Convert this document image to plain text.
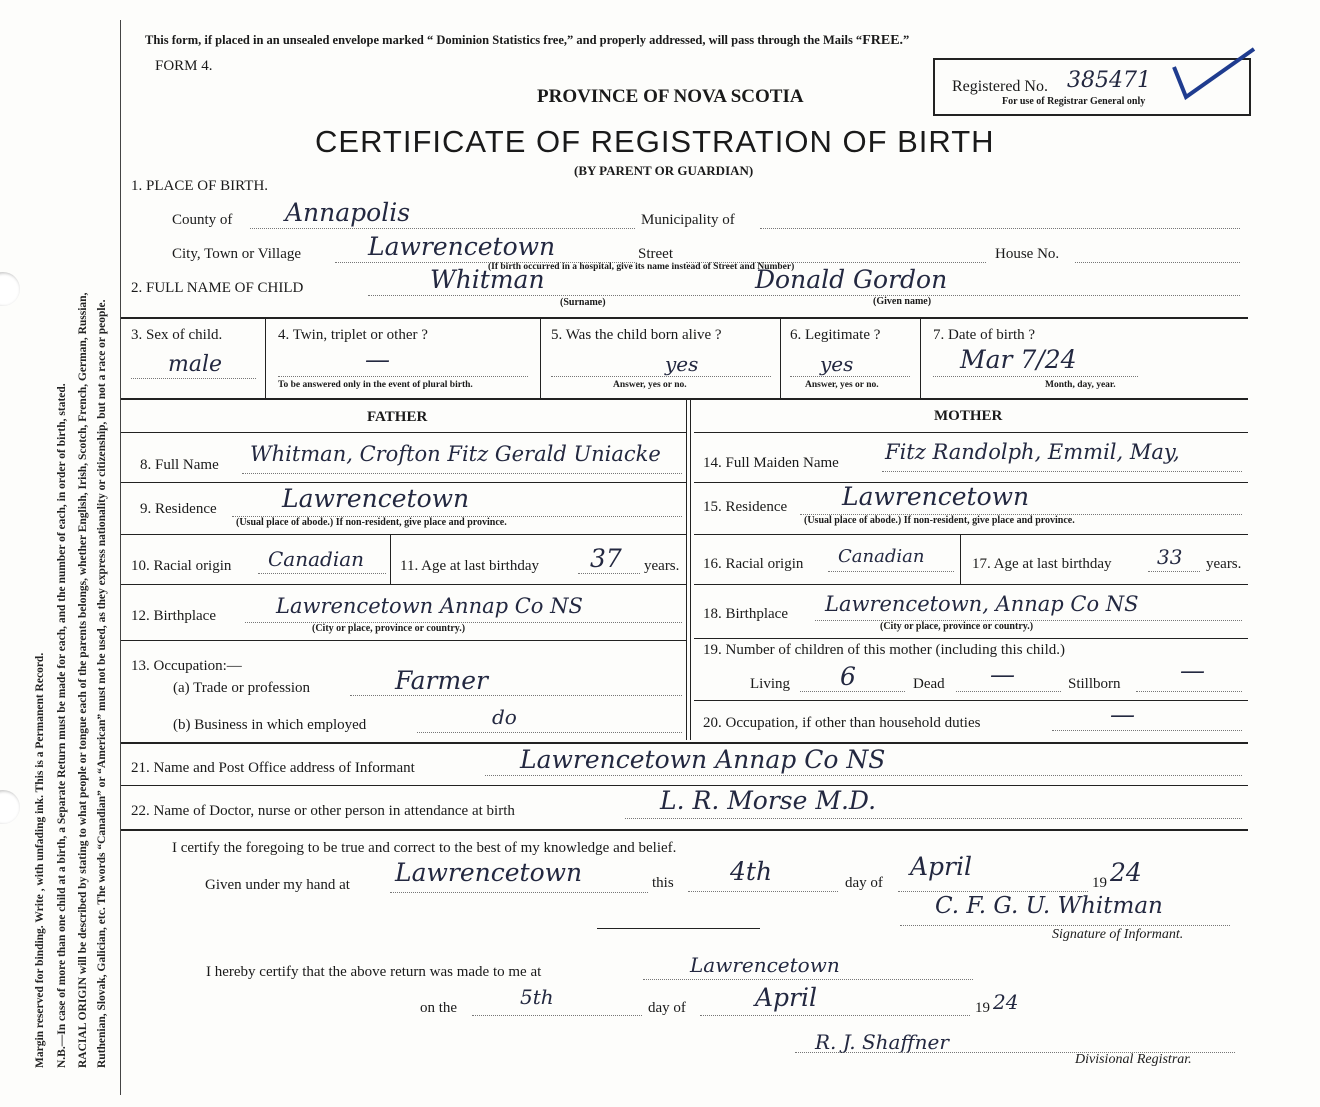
Margin reserved for binding. Write , with unfading ink. This is a Permanent Record. N.B.—In case of more than one child at a birth, a Separate Return must be made for each, and the number of each, in order of birth, stated. RACIAL ORIGIN will be described by stating to what people or tongue each of the parents belongs, whether English, Irish, Scotch, French, German, Russian, Ruthenian, Slovak, Galician, etc. The words “Canadian” or “American” must not be used, as they express nationality or citizenship, but not a race or people.
This form, if placed in an unsealed envelope marked “ Dominion Statistics free,” and properly addressed, will pass through the Mails “FREE.”
FORM 4.
Registered No. 385471
For use of Registrar General only
PROVINCE OF NOVA SCOTIA
CERTIFICATE OF REGISTRATION OF BIRTH
(BY PARENT OR GUARDIAN)
1. PLACE OF BIRTH.
County of Annapolis	Municipality of
City, Town or Village	Lawrencetown	Street	House No.
(If birth occurred in a hospital, give its name instead of Street and Number)
2. FULL NAME OF CHILD	Whitman
(Surname)
Donald Gordon
(Given name)
3. Sex of child.
male
4. Twin, triplet or other ?
—
To be answered only in the event of plural birth.
5. Was the child born alive ?
yes
Answer, yes or no.
6. Legitimate ?
yes
Answer, yes or no.
7. Date of birth ?
Mar 7/24
Month, day, year.
FATHER	MOTHER
8. Full Name Whitman, Crofton Fitz Gerald Uniacke
9. Residence	Lawrencetown
(Usual place of abode.) If non-resident, give place and province.
10. Racial origin Canadian 11. Age at last birthday 37 years.
12. Birthplace	Lawrencetown Annap Co NS
(City or place, province or country.)
13. Occupation:—
(a) Trade or profession	Farmer
(b) Business in which employed	do
14. Full Maiden Name Fitz Randolph, Emmil, May,
15. Residence Lawrencetown
(Usual place of abode.) If non-resident, give place and province.
16. Racial origin Canadian	17. Age at last birthday 33 years.
18. Birthplace Lawrencetown, Annap Co NS
(City or place, province or country.)
19. Number of children of this mother (including this child.)
Living 6	Dead —	Stillborn —
20. Occupation, if other than household duties	—
21. Name and Post Office address of Informant	Lawrencetown Annap Co NS
22. Name of Doctor, nurse or other person in attendance at birth	L. R. Morse M.D.
I certify the foregoing to be true and correct to the best of my knowledge and belief.
Given under my hand at Lawrencetown	this 4th	day of
April
19 24
C. F. G. U. Whitman
Signature of Informant.
I hereby certify that the above return was made to me at	Lawrencetown
on the	5th	day of	April	19 24
R. J. Shaffner
Divisional Registrar.
